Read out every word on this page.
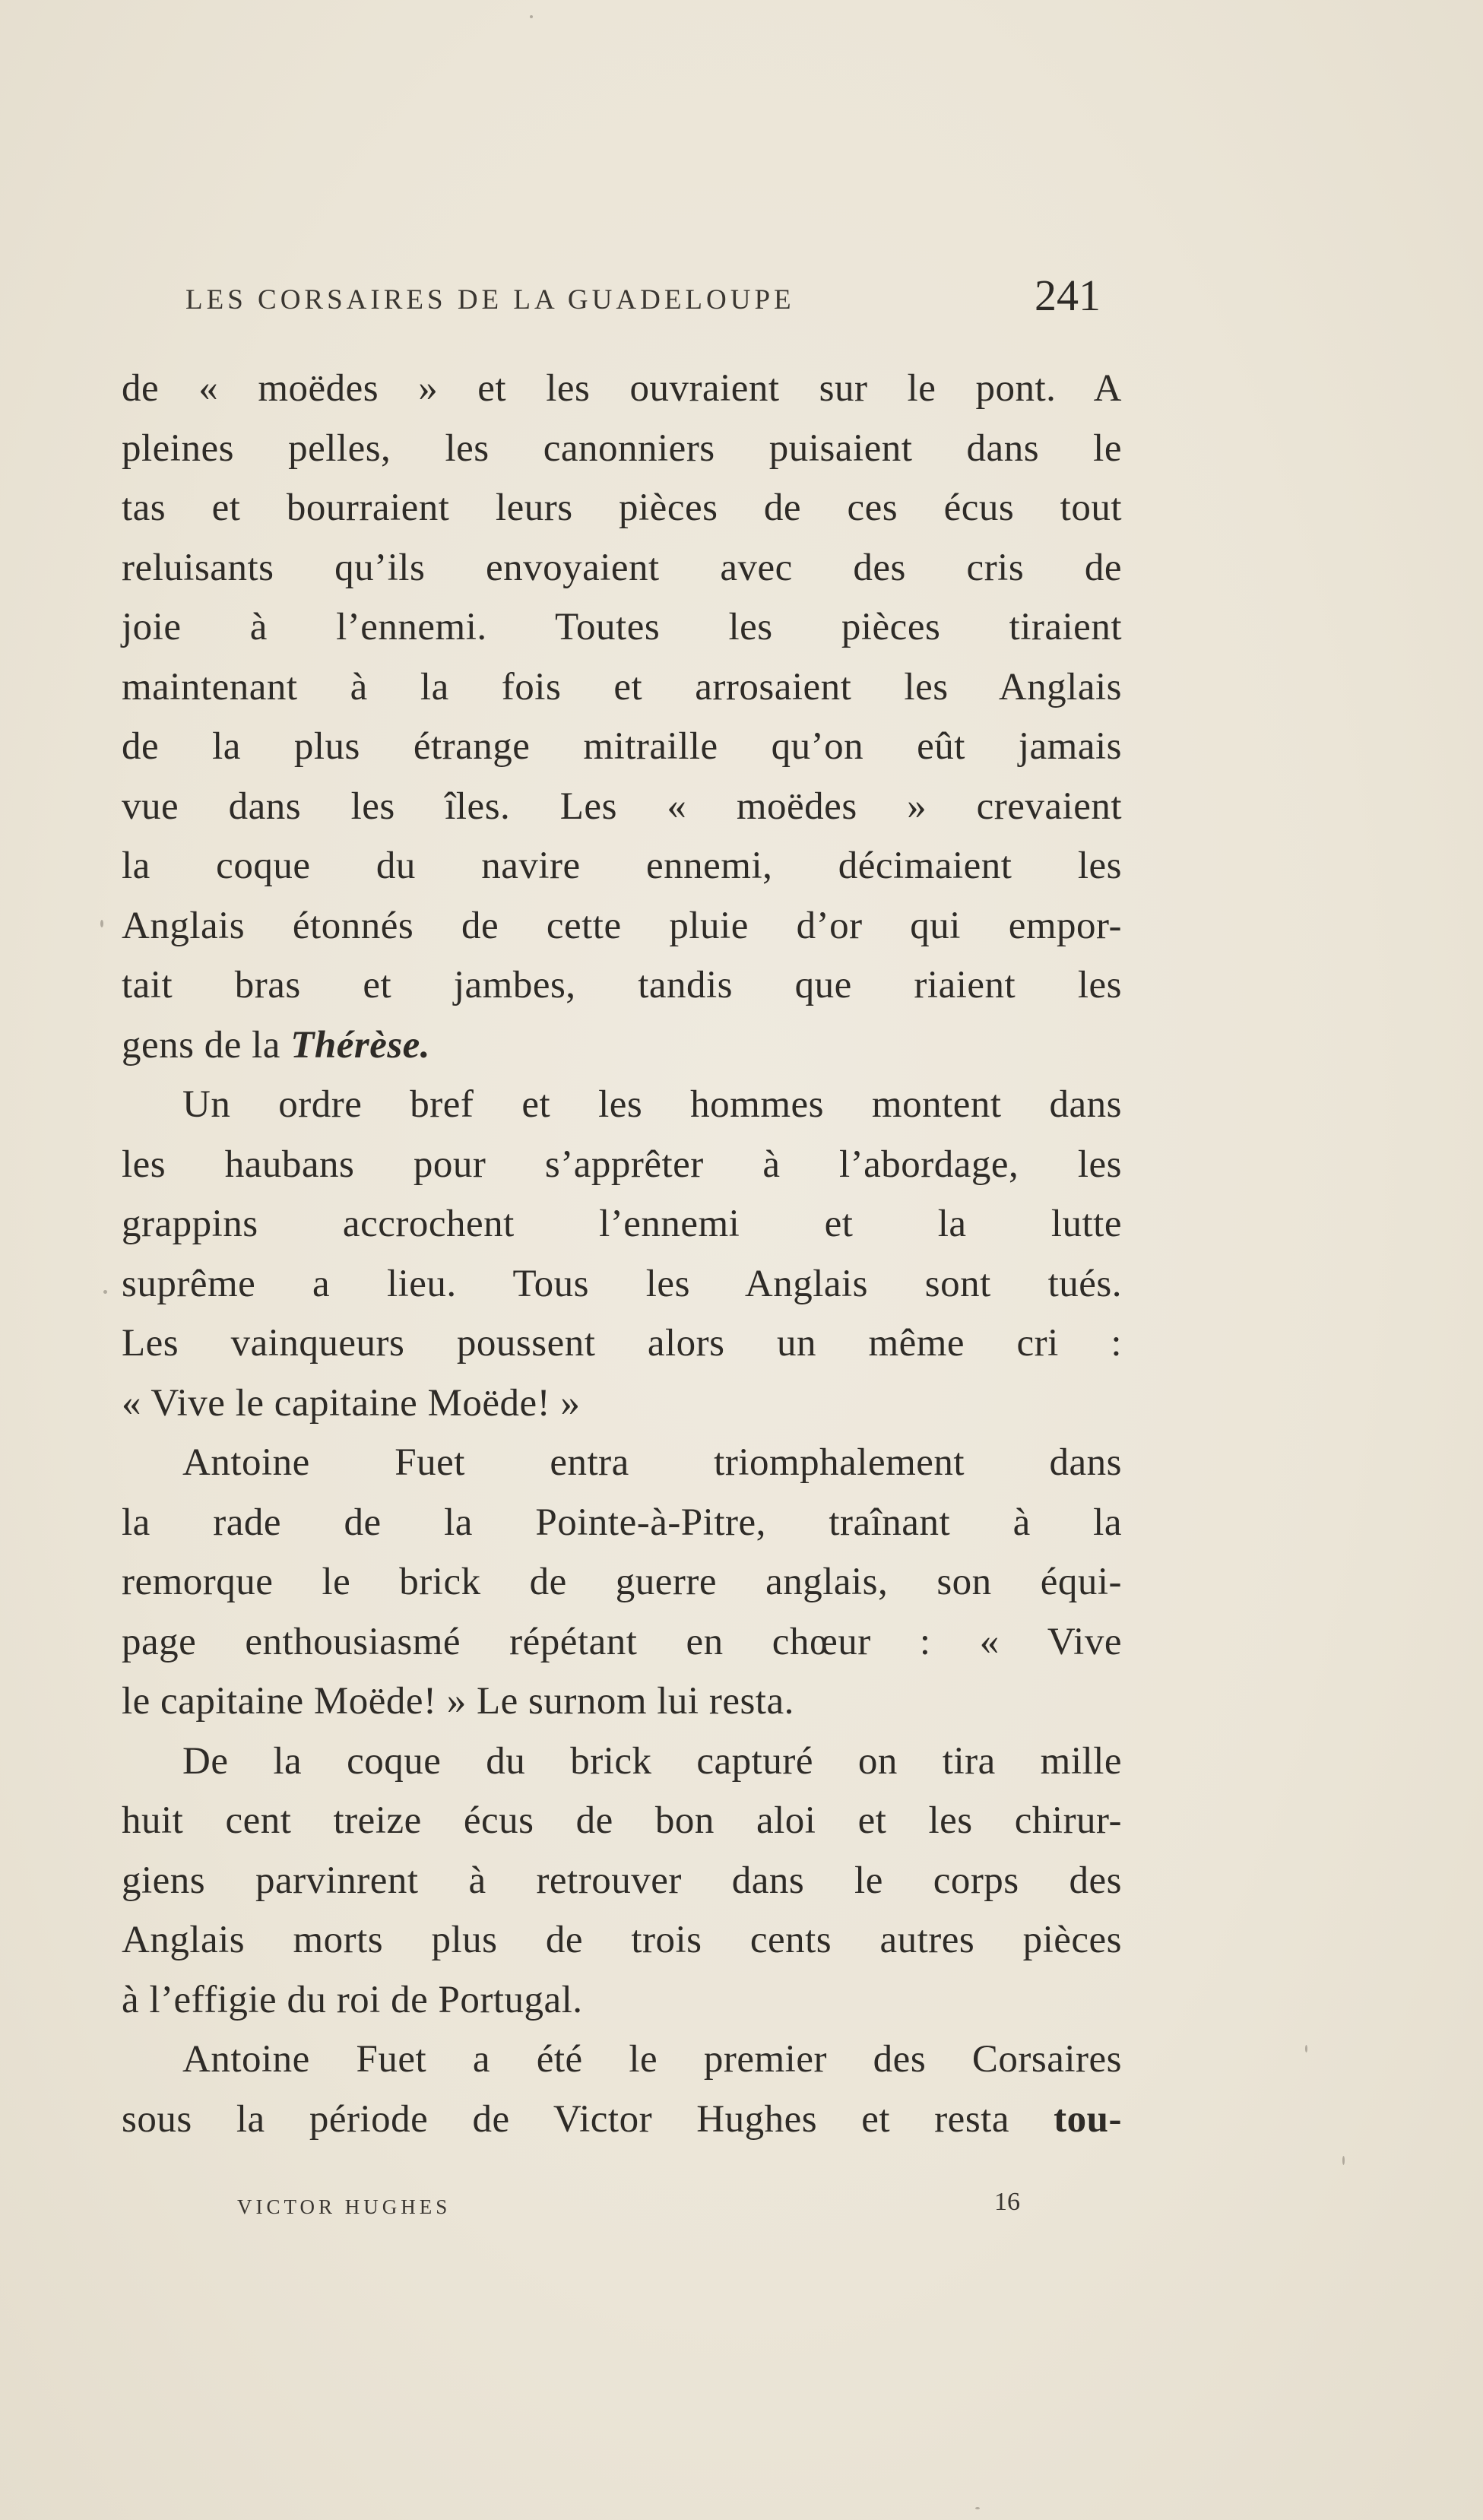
LES CORSAIRES DE LA GUADELOUPE	241
de « moëdes » et les ouvraient sur le pont. A
pleines pelles, les canonniers puisaient dans le
tas et bourraient leurs pièces de ces écus tout
reluisants qu’ils envoyaient avec des cris de
joie à l’ennemi. Toutes les pièces tiraient
maintenant à la fois et arrosaient les Anglais
de la plus étrange mitraille qu’on eût jamais
vue dans les îles. Les « moëdes » crevaient
la coque du navire ennemi, décimaient les
Anglais étonnés de cette pluie d’or qui empor-
tait bras et jambes, tandis que riaient les
gens de la Thérèse.
Un ordre bref et les hommes montent dans
les haubans pour s’apprêter à l’abordage, les
grappins accrochent l’ennemi et la lutte
suprême a lieu. Tous les Anglais sont tués.
Les vainqueurs poussent alors un même cri :
« Vive le capitaine Moëde! »
Antoine Fuet entra triomphalement dans
la rade de la Pointe-à-Pitre, traînant à la
remorque le brick de guerre anglais, son équi-
page enthousiasmé répétant en chœur : « Vive
le capitaine Moëde! » Le surnom lui resta.
De la coque du brick capturé on tira mille
huit cent treize écus de bon aloi et les chirur-
giens parvinrent à retrouver dans le corps des
Anglais morts plus de trois cents autres pièces
à l’effigie du roi de Portugal.
Antoine Fuet a été le premier des Corsaires
sous la période de Victor Hughes et resta tou-
VICTOR HUGHES	16
